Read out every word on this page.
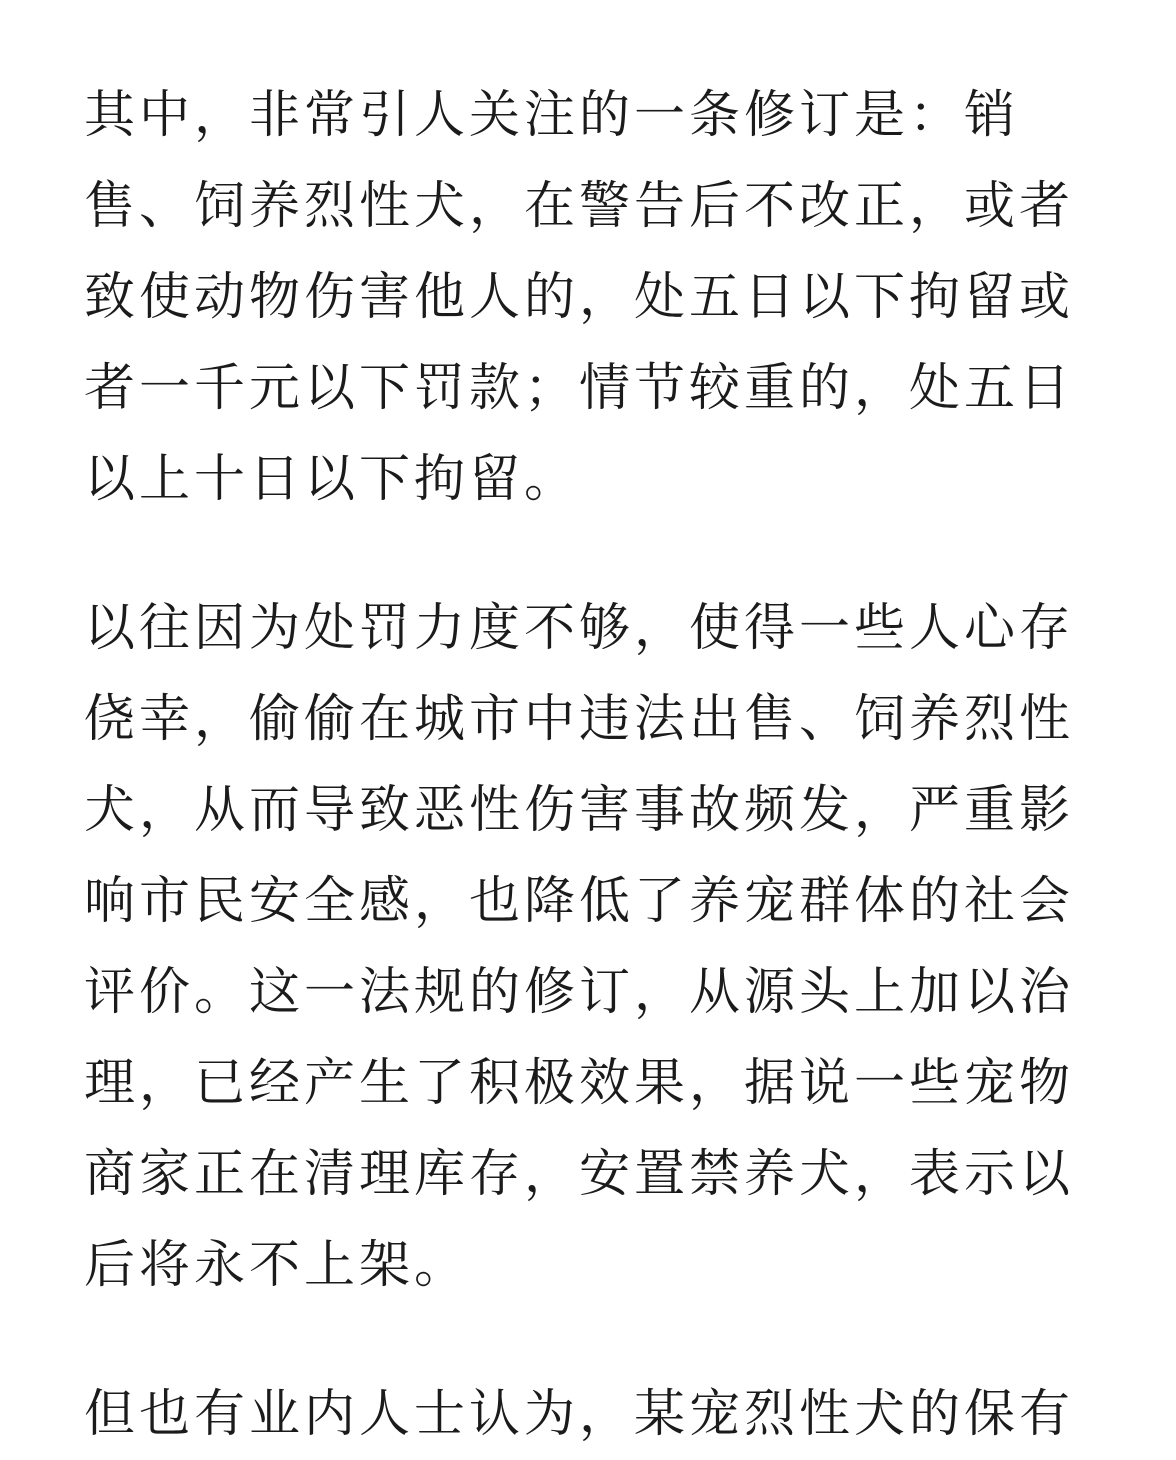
其中，非常引人关注的一条修订是：销
售、饲养烈性犬，在警告后不改正，或者
致使动物伤害他人的，处五日以下拘留或
者一千元以下罚款；情节较重的，处五日
以上十日以下拘留。

以往因为处罚力度不够，使得一些人心存
侥幸，偷偷在城市中违法出售、饲养烈性
犬，从而导致恶性伤害事故频发，严重影
响市民安全感，也降低了养宠群体的社会
评价。这一法规的修订，从源头上加以治
理，已经产生了积极效果，据说一些宠物
商家正在清理库存，安置禁养犬，表示以
后将永不上架。

但也有业内人士认为，某宠烈性犬的保有
